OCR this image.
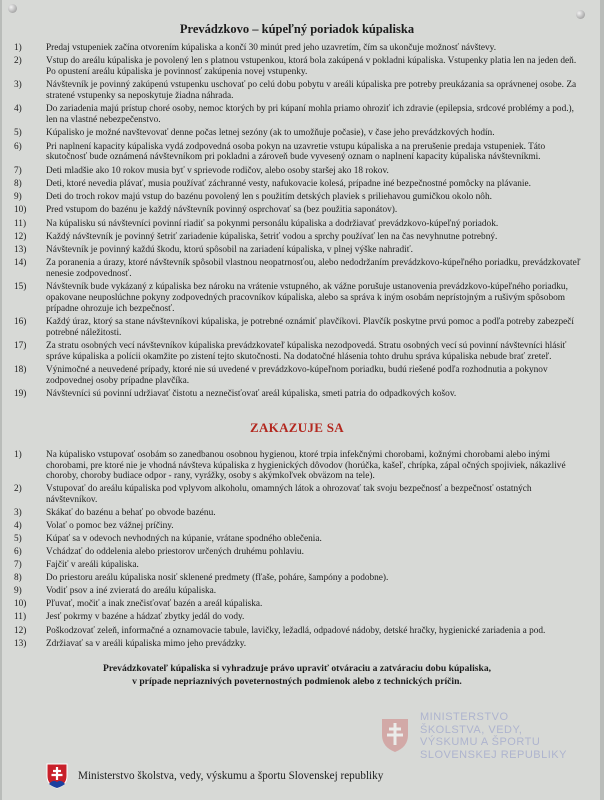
Prevádzkovo – kúpeľný poriadok kúpaliska
1)	Predaj vstupeniek začína otvorením kúpaliska a končí 30 minút pred jeho uzavretím, čím sa ukončuje možnosť návštevy.
2)	Vstup do areálu kúpaliska je povolený len s platnou vstupenkou, ktorá bola zakúpená v pokladni kúpaliska. Vstupenky platia len na jeden deň. Po opustení areálu kúpaliska je povinnosť zakúpenia novej vstupenky.
3)	Návštevník je povinný zakúpenú vstupenku uschovať po celú dobu pobytu v areáli kúpaliska pre potreby preukázania sa oprávnenej osobe. Za stratené vstupenky sa neposkytuje žiadna náhrada.
4)	Do zariadenia majú prístup choré osoby, nemoc ktorých by pri kúpaní mohla priamo ohroziť ich zdravie (epilepsia, srdcové problémy a pod.), len na vlastné nebezpečenstvo.
5)	Kúpalisko je možné navštevovať denne počas letnej sezóny (ak to umožňuje počasie), v čase jeho prevádzkových hodín.
6)	Pri naplnení kapacity kúpaliska vydá zodpovedná osoba pokyn na uzavretie vstupu kúpaliska a na prerušenie predaja vstupeniek. Táto skutočnosť bude oznámená návštevníkom pri pokladni a zároveň bude vyvesený oznam o naplnení kapacity kúpaliska návštevníkmi.
7)	Deti mladšie ako 10 rokov musia byť v sprievode rodičov, alebo osoby staršej ako 18 rokov.
8)	Deti, ktoré nevedia plávať, musia používať záchranné vesty, nafukovacie kolesá, prípadne iné bezpečnostné pomôcky na plávanie.
9)	Deti do troch rokov majú vstup do bazénu povolený len s použitím detských plaviek s priliehavou gumičkou okolo nôh.
10)	Pred vstupom do bazénu je každý návštevník povinný osprchovať sa (bez použitia saponátov).
11)	Na kúpalisku sú návštevníci povinní riadiť sa pokynmi personálu kúpaliska a dodržiavať prevádzkovo-kúpeľný poriadok.
12)	Každý návštevník je povinný šetriť zariadenie kúpaliska, šetriť vodou a sprchy používať len na čas nevyhnutne potrebný.
13)	Návštevník je povinný každú škodu, ktorú spôsobil na zariadení kúpaliska, v plnej výške nahradiť.
14)	Za poranenia a úrazy, ktoré návštevník spôsobil vlastnou neopatrnosťou, alebo nedodržaním prevádzkovo-kúpeľného poriadku, prevádzkovateľ nenesie zodpovednosť.
15)	Návštevník bude vykázaný z kúpaliska bez nároku na vrátenie vstupného, ak vážne porušuje ustanovenia prevádzkovo-kúpeľného poriadku, opakovane neuposlúchne pokyny zodpovedných pracovníkov kúpaliska, alebo sa správa k iným osobám neprístojným a rušivým spôsobom prípadne ohrozuje ich bezpečnosť.
16)	Každý úraz, ktorý sa stane návštevníkovi kúpaliska, je potrebné oznámiť plavčíkovi. Plavčík poskytne prvú pomoc a podľa potreby zabezpečí potrebné náležitosti.
17)	Za stratu osobných vecí návštevníkov kúpaliska prevádzkovateľ kúpaliska nezodpovedá. Stratu osobných vecí sú povinní návštevníci hlásiť správe kúpaliska a polícii okamžite po zistení tejto skutočnosti. Na dodatočné hlásenia tohto druhu správa kúpaliska nebude brať zreteľ.
18)	Výnimočné a neuvedené prípady, ktoré nie sú uvedené v prevádzkovo-kúpeľnom poriadku, budú riešené podľa rozhodnutia a pokynov zodpovednej osoby prípadne plavčíka.
19)	Návštevníci sú povinní udržiavať čistotu a neznečisťovať areál kúpaliska, smeti patria do odpadkových košov.
ZAKAZUJE SA
1)	Na kúpalisko vstupovať osobám so zanedbanou osobnou hygienou, ktoré trpia infekčnými chorobami, kožnými chorobami alebo inými chorobami, pre ktoré nie je vhodná návšteva kúpaliska z hygienických dôvodov (horúčka, kašeľ, chrípka, zápal očných spojiviek, nákazlivé choroby, choroby budiace odpor - rany, vyrážky, osoby s akýmkoľvek obväzom na tele).
2)	Vstupovať do areálu kúpaliska pod vplyvom alkoholu, omamných látok a ohrozovať tak svoju bezpečnosť a bezpečnosť ostatných návštevníkov.
3)	Skákať do bazénu a behať po obvode bazénu.
4)	Volať o pomoc bez vážnej príčiny.
5)	Kúpať sa v odevoch nevhodných na kúpanie, vrátane spodného oblečenia.
6)	Vchádzať do oddelenia alebo priestorov určených druhému pohlaviu.
7)	Fajčiť v areáli kúpaliska.
8)	Do priestoru areálu kúpaliska nosiť sklenené predmety (fľaše, poháre, šampóny a podobne).
9)	Vodiť psov a iné zvieratá do areálu kúpaliska.
10)	Pľuvať, močiť a inak znečisťovať bazén a areál kúpaliska.
11)	Jesť pokrmy v bazéne a hádzať zbytky jedál do vody.
12)	Poškodzovať zeleň, informačné a oznamovacie tabule, lavičky, ležadlá, odpadové nádoby, detské hračky, hygienické zariadenia a pod.
13)	Zdržiavať sa v areáli kúpaliska mimo jeho prevádzky.
Prevádzkovateľ kúpaliska si vyhradzuje právo upraviť otváraciu a zatváraciu dobu kúpaliska,
v prípade nepriaznivých poveternostných podmienok alebo z technických príčin.
MINISTERSTVO
ŠKOLSTVA, VEDY,
VÝSKUMU A ŠPORTU
SLOVENSKEJ REPUBLIKY
Ministerstvo školstva, vedy, výskumu a športu Slovenskej republiky
